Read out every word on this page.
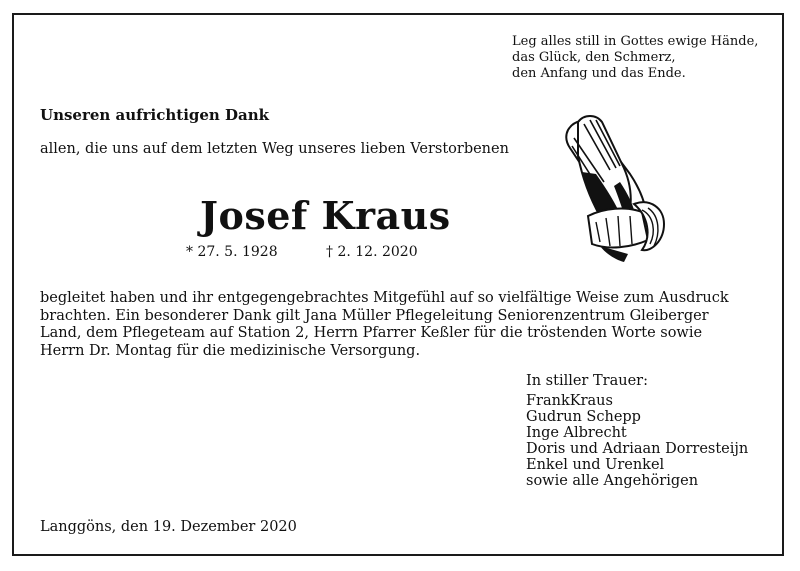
Leg alles still in Gottes ewige Hände,
das Glück, den Schmerz,
den Anfang und das Ende.
Unseren aufrichtigen Dank
allen, die uns auf dem letzten Weg unseres lieben Verstorbenen
Josef Kraus
* 27. 5. 1928	† 2. 12. 2020
begleitet haben und ihr entgegengebrachtes Mitgefühl auf so vielfältige Weise zum Ausdruck
brachten. Ein besonderer Dank gilt Jana Müller Pflegeleitung Seniorenzentrum Gleiberger
Land, dem Pflegeteam auf Station 2, Herrn Pfarrer Keßler für die tröstenden Worte sowie
Herrn Dr. Montag für die medizinische Versorgung.
In stiller Trauer:
FrankKraus
Gudrun Schepp
Inge Albrecht
Doris und Adriaan Dorresteijn
Enkel und Urenkel
sowie alle Angehörigen
Langgöns, den 19. Dezember 2020
